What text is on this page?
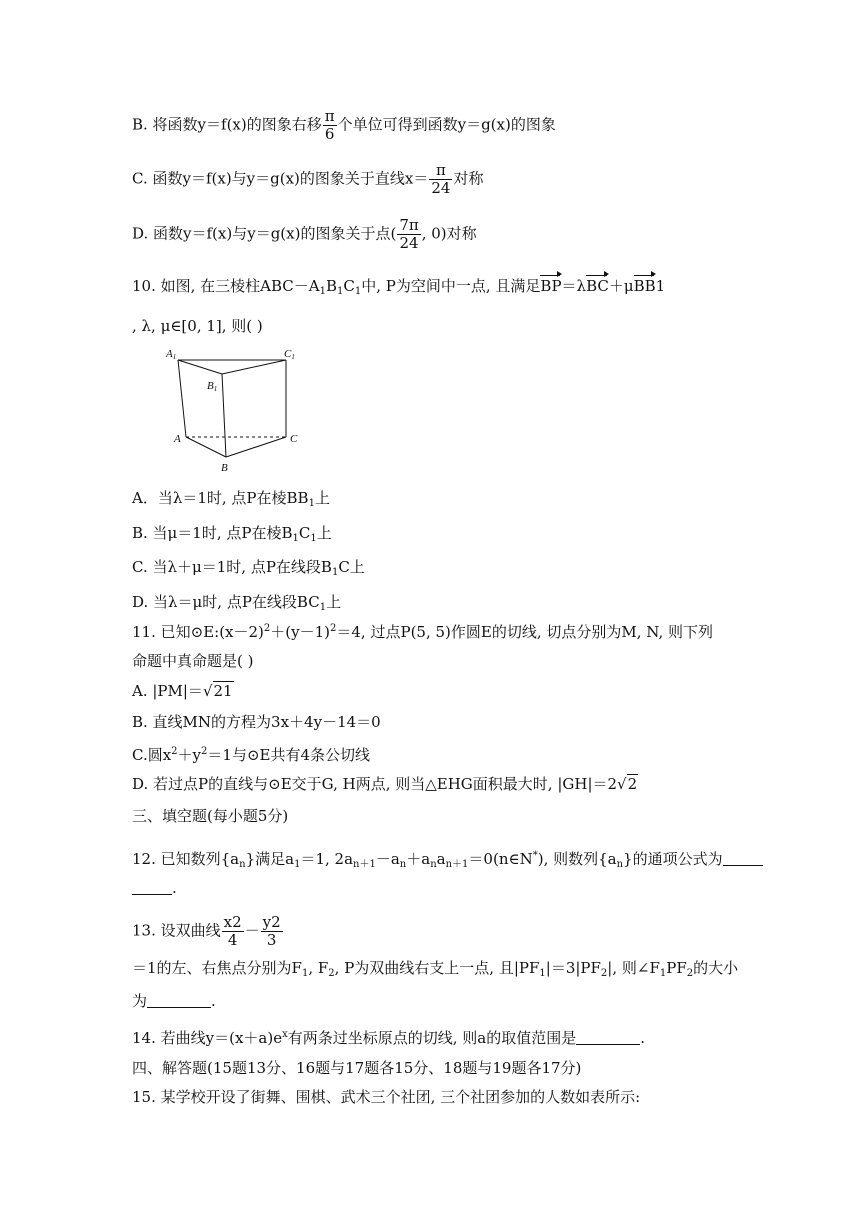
B. 将函数y＝f(x)的图象右移 $\frac{\pi}{6}$ 个单位可得到函数y＝g(x)的图象
C. 函数y＝f(x)与y＝g(x)的图象关于直线$x= \frac{\pi}{24}$ 对称
D. 函数y＝f(x)与y＝g(x)的图象关于点( $\frac{7\pi}{24}$ , 0)对称
10. 如图, 在三棱柱$ABC-A_1B_1C_1$中, P为空间中一点, 且满足BP＝λBC＋μBB1
, λ, μ∈[0, 1], 则( )
A1
B1
C1
A
B
C
A．当λ＝1时, 点P在棱$BB_1$上
B. 当μ＝1时, 点P在棱$B_1C_1$上
C. 当λ＋μ＝1时, 点P在线段$B_1C$上
D. 当λ＝μ时, 点P在线段$BC_1$上
11. 已知$⊙E:(x-2)^2+(y-1)^2=4$, 过点P(5, 5)作圆E的切线, 切点分别为M, N, 则下列
命题中真命题是( )
A. |PM|＝√21
B. 直线MN的方程为3x＋4y－14＝0
C.圆$x^2+y^2=1$与⊙E共有4条公切线
D. 若过点P的直线与⊙E交于G, H两点, 则当△EHG面积最大时, |GH|＝2√2
三、填空题(每小题5分)
12. 已知数列$\{a_n\}$满足$a_1=1$, $2a_{n+1}-a_n+a_na_{n+1}=0(n\in N^*)$, 则数列$\{a_n\}$的通项公式为
.
13. 设双曲线 $\frac{x2}{4} - \frac{y2}{3}$
＝1的左、右焦点分别为$F_1$, $F_2$, P为双曲线右支上一点, 且$|PF_1|=3|PF_2|$, 则$\angle F_1PF_2$的大小
为	.
14. 若曲线$y=(x+a)e^x$有两条过坐标原点的切线, 则a的取值范围是	.
四、解答题(15题13分、16题与17题各15分、18题与19题各17分)
15. 某学校开设了街舞、围棋、武术三个社团, 三个社团参加的人数如表所示:
